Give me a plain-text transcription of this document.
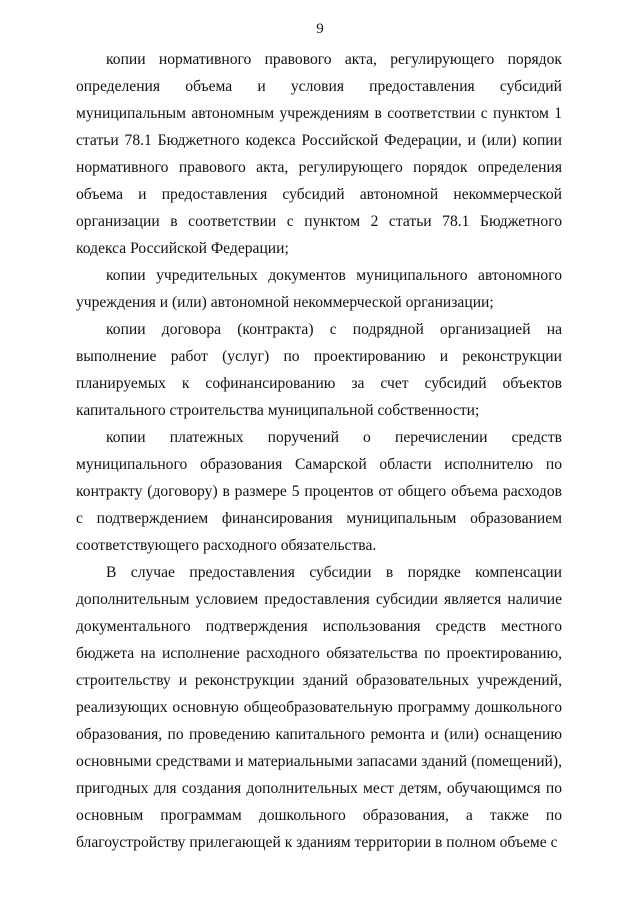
9

копии нормативного правового акта, регулирующего порядок определения объема и условия предоставления субсидий муниципальным автономным учреждениям в соответствии с пунктом 1 статьи 78.1 Бюджетного кодекса Российской Федерации, и (или) копии нормативного правового акта, регулирующего порядок определения объема и предоставления субсидий автономной некоммерческой организации в соответствии с пунктом 2 статьи 78.1 Бюджетного кодекса Российской Федерации;

копии учредительных документов муниципального автономного учреждения и (или) автономной некоммерческой организации;

копии договора (контракта) с подрядной организацией на выполнение работ (услуг) по проектированию и реконструкции планируемых к софинансированию за счет субсидий объектов капитального строительства муниципальной собственности;

копии платежных поручений о перечислении средств муниципального образования Самарской области исполнителю по контракту (договору) в размере 5 процентов от общего объема расходов с подтверждением финансирования муниципальным образованием соответствующего расходного обязательства.

В случае предоставления субсидии в порядке компенсации дополнительным условием предоставления субсидии является наличие документального подтверждения использования средств местного бюджета на исполнение расходного обязательства по проектированию, строительству и реконструкции зданий образовательных учреждений, реализующих основную общеобразовательную программу дошкольного образования, по проведению капитального ремонта и (или) оснащению основными средствами и материальными запасами зданий (помещений), пригодных для создания дополнительных мест детям, обучающимся по основным программам дошкольного образования, а также по благоустройству прилегающей к зданиям территории в полном объеме с
